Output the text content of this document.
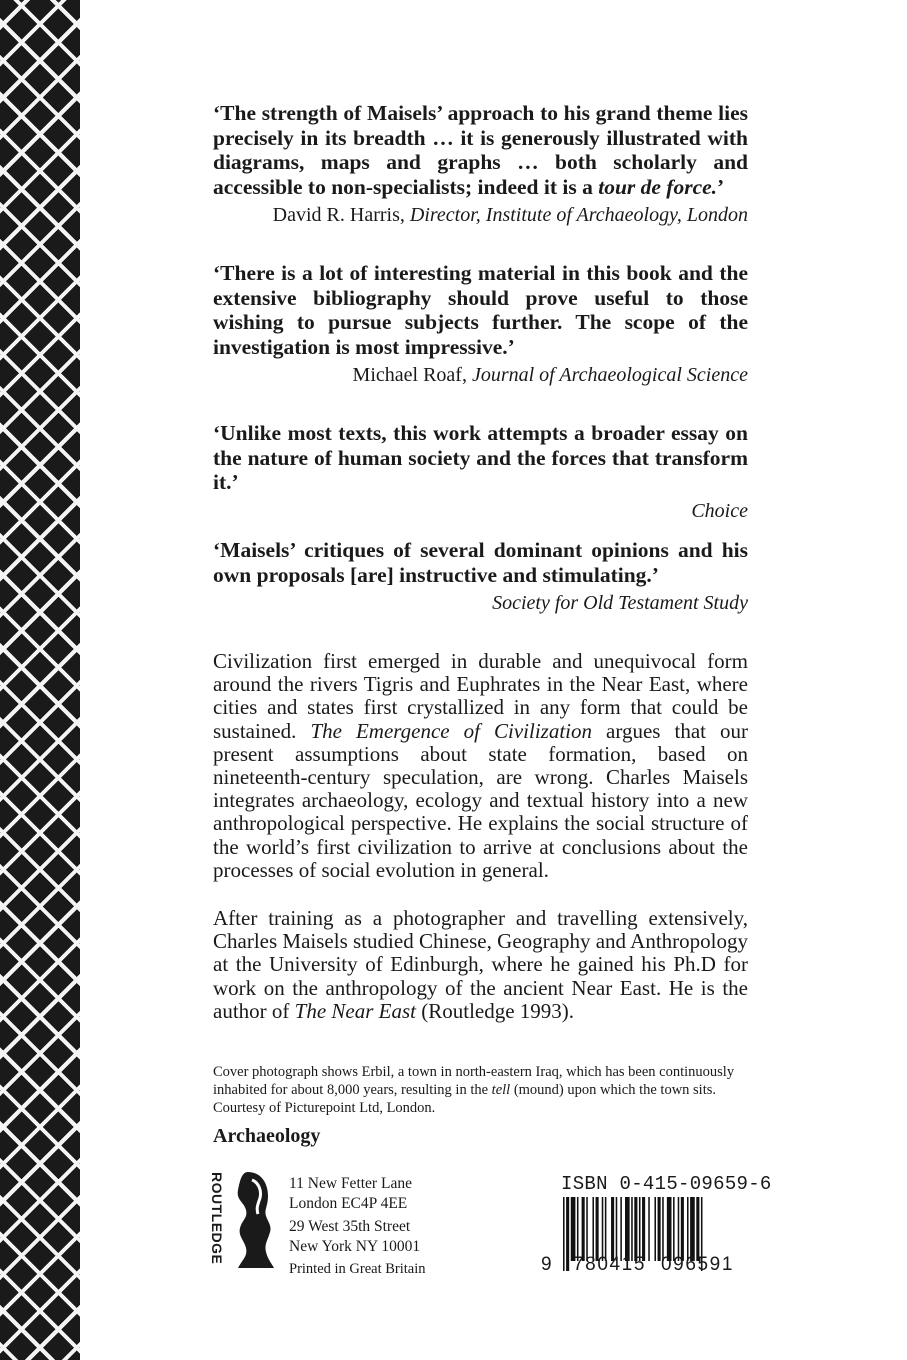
‘The strength of Maisels’ approach to his grand theme lies precisely in its breadth … it is generously illustrated with diagrams, maps and graphs … both scholarly and accessible to non-specialists; indeed it is a tour de force.’

David R. Harris, Director, Institute of Archaeology, London

‘There is a lot of interesting material in this book and the extensive bibliography should prove useful to those wishing to pursue subjects further. The scope of the investigation is most impressive.’

Michael Roaf, Journal of Archaeological Science

‘Unlike most texts, this work attempts a broader essay on the nature of human society and the forces that transform it.’

Choice

‘Maisels’ critiques of several dominant opinions and his own proposals [are] instructive and stimulating.’

Society for Old Testament Study

Civilization first emerged in durable and unequivocal form around the rivers Tigris and Euphrates in the Near East, where cities and states first crystallized in any form that could be sustained. The Emergence of Civilization argues that our present assumptions about state formation, based on nineteenth-century speculation, are wrong. Charles Maisels integrates archaeology, ecology and textual history into a new anthropological perspective. He explains the social structure of the world’s first civilization to arrive at conclusions about the processes of social evolution in general.

After training as a photographer and travelling extensively, Charles Maisels studied Chinese, Geography and Anthropology at the University of Edinburgh, where he gained his Ph.D for work on the anthropology of the ancient Near East. He is the author of The Near East (Routledge 1993).

Cover photograph shows Erbil, a town in north-eastern Iraq, which has been continuously inhabited for about 8,000 years, resulting in the tell (mound) upon which the town sits. Courtesy of Picturepoint Ltd, London.

Archaeology

ROUTLEDGE	11 New Fetter Lane
London EC4P 4EE
29 West 35th Street
New York NY 10001
Printed in Great Britain
ISBN 0-415-09659-6
9 780415 096591
